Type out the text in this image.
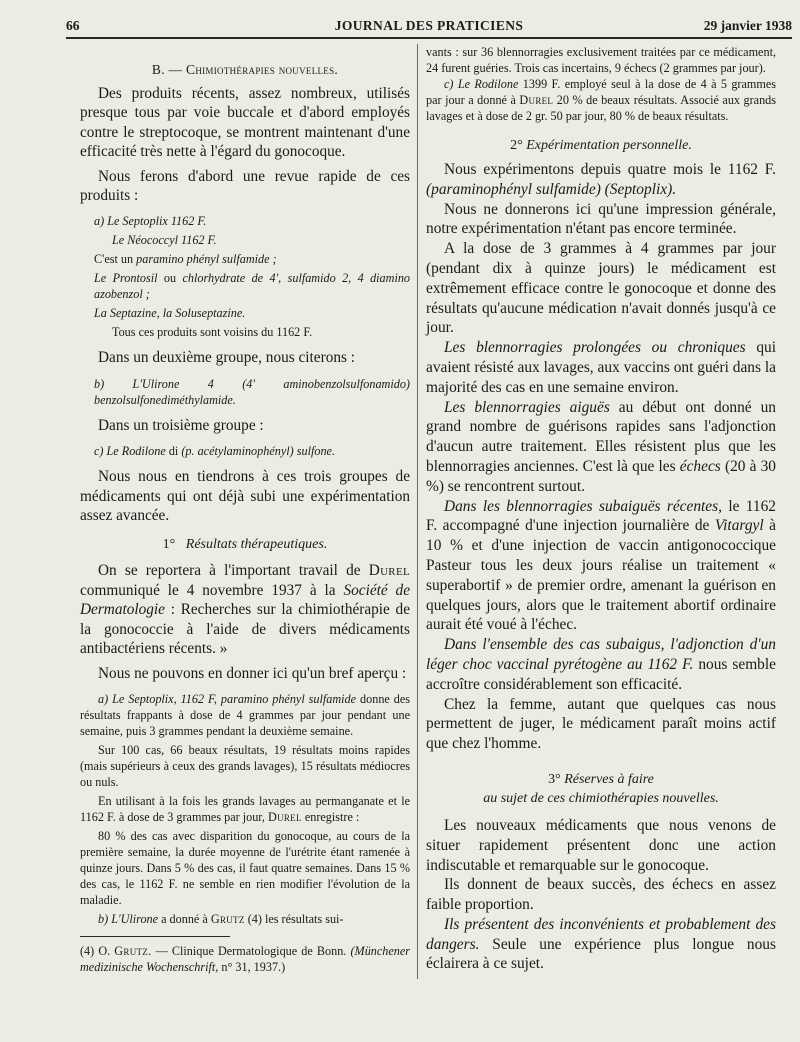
66	JOURNAL DES PRATICIENS	29 janvier 1938
B. — Chimiothérapies nouvelles.

Des produits récents, assez nombreux, utilisés presque tous par voie buccale et d'abord employés contre le streptocoque, se montrent maintenant d'une efficacité très nette à l'égard du gonocoque.

Nous ferons d'abord une revue rapide de ces produits :

a) Le Septoplix 1162 F.

Le Néococcyl 1162 F.

C'est un paramino phényl sulfamide ;

Le Prontosil ou chlorhydrate de 4', sulfamido 2, 4 diamino azobenzol ;

La Septazine, la Soluseptazine.

Tous ces produits sont voisins du 1162 F.

Dans un deuxième groupe, nous citerons :

b) L'Ulirone 4 (4' aminobenzolsulfonamido) benzolsulfonediméthylamide.

Dans un troisième groupe :

c) Le Rodilone di (p. acétylaminophényl) sulfone.

Nous nous en tiendrons à ces trois groupes de médicaments qui ont déjà subi une expérimentation assez avancée.

1° Résultats thérapeutiques.

On se reportera à l'important travail de Durel communiqué le 4 novembre 1937 à la Société de Dermatologie : Recherches sur la chimiothérapie de la gonococcie à l'aide de divers médicaments antibactériens récents. »

Nous ne pouvons en donner ici qu'un bref aperçu :

a) Le Septoplix, 1162 F, paramino phényl sulfamide donne des résultats frappants à dose de 4 grammes par jour pendant une semaine, puis 3 grammes pendant la deuxième semaine.

Sur 100 cas, 66 beaux résultats, 19 résultats moins rapides (mais supérieurs à ceux des grands lavages), 15 résultats médiocres ou nuls.

En utilisant à la fois les grands lavages au permanganate et le 1162 F. à dose de 3 grammes par jour, Durel enregistre :

80 % des cas avec disparition du gonocoque, au cours de la première semaine, la durée moyenne de l'urétrite étant ramenée à quinze jours. Dans 5 % des cas, il faut quatre semaines. Dans 15 % des cas, le 1162 F. ne semble en rien modifier l'évolution de la maladie.

b) L'Ulirone a donné à Grutz (4) les résultats sui-

(4) O. Grutz. — Clinique Dermatologique de Bonn. (Münchener medizinische Wochenschrift, n° 31, 1937.)

vants : sur 36 blennorragies exclusivement traitées par ce médicament, 24 furent guéries. Trois cas incertains, 9 échecs (2 grammes par jour).

c) Le Rodilone 1399 F. employé seul à la dose de 4 à 5 grammes par jour a donné à Durel 20 % de beaux résultats. Associé aux grands lavages et à dose de 2 gr. 50 par jour, 80 % de beaux résultats.

2° Expérimentation personnelle.

Nous expérimentons depuis quatre mois le 1162 F. (paraminophényl sulfamide) (Septoplix).

Nous ne donnerons ici qu'une impression générale, notre expérimentation n'étant pas encore terminée.

A la dose de 3 grammes à 4 grammes par jour (pendant dix à quinze jours) le médicament est extrêmement efficace contre le gonocoque et donne des résultats qu'aucune médication n'avait donnés jusqu'à ce jour.

Les blennorragies prolongées ou chroniques qui avaient résisté aux lavages, aux vaccins ont guéri dans la majorité des cas en une semaine environ.

Les blennorragies aiguës au début ont donné un grand nombre de guérisons rapides sans l'adjonction d'aucun autre traitement. Elles résistent plus que les blennorragies anciennes. C'est là que les échecs (20 à 30 %) se rencontrent surtout.

Dans les blennorragies subaiguës récentes, le 1162 F. accompagné d'une injection journalière de Vitargyl à 10 % et d'une injection de vaccin antigonococcique Pasteur tous les deux jours réalise un traitement « superabortif » de premier ordre, amenant la guérison en quelques jours, alors que le traitement abortif ordinaire aurait été voué à l'échec.

Dans l'ensemble des cas subaigus, l'adjonction d'un léger choc vaccinal pyrétogène au 1162 F. nous semble accroître considérablement son efficacité.

Chez la femme, autant que quelques cas nous permettent de juger, le médicament paraît moins actif que chez l'homme.

3° Réserves à faire
au sujet de ces chimiothérapies nouvelles.

Les nouveaux médicaments que nous venons de situer rapidement présentent donc une action indiscutable et remarquable sur le gonocoque.

Ils donnent de beaux succès, des échecs en assez faible proportion.

Ils présentent des inconvénients et probablement des dangers. Seule une expérience plus longue nous éclairera à ce sujet.
